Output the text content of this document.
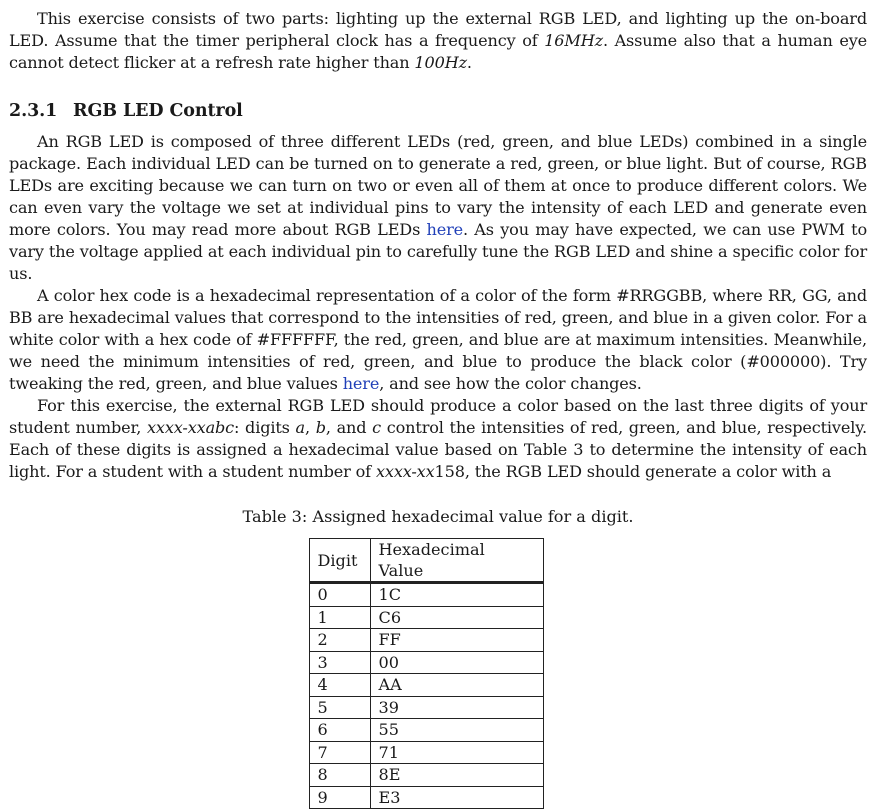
This exercise consists of two parts: lighting up the external RGB LED, and lighting up the on-board LED. Assume that the timer peripheral clock has a frequency of 16MHz. Assume also that a human eye cannot detect flicker at a refresh rate higher than 100Hz.

2.3.1 RGB LED Control

An RGB LED is composed of three different LEDs (red, green, and blue LEDs) combined in a single package. Each individual LED can be turned on to generate a red, green, or blue light. But of course, RGB LEDs are exciting because we can turn on two or even all of them at once to produce different colors. We can even vary the voltage we set at individual pins to vary the intensity of each LED and generate even more colors. You may read more about RGB LEDs here. As you may have expected, we can use PWM to vary the voltage applied at each individual pin to carefully tune the RGB LED and shine a specific color for us.

A color hex code is a hexadecimal representation of a color of the form #RRGGBB, where RR, GG, and BB are hexadecimal values that correspond to the intensities of red, green, and blue in a given color. For a white color with a hex code of #FFFFFF, the red, green, and blue are at maximum intensities. Meanwhile, we need the minimum intensities of red, green, and blue to produce the black color (#000000). Try tweaking the red, green, and blue values here, and see how the color changes.

For this exercise, the external RGB LED should produce a color based on the last three digits of your student number, xxxx-xxabc: digits a, b, and c control the intensities of red, green, and blue, respectively. Each of these digits is assigned a hexadecimal value based on Table 3 to determine the intensity of each light. For a student with a student number of xxxx-xx158, the RGB LED should generate a color with a

Table 3: Assigned hexadecimal value for a digit.
Digit	Hexadecimal Value
0	1C
1	C6
2	FF
3	00
4	AA
5	39
6	55
7	71
8	8E
9	E3
